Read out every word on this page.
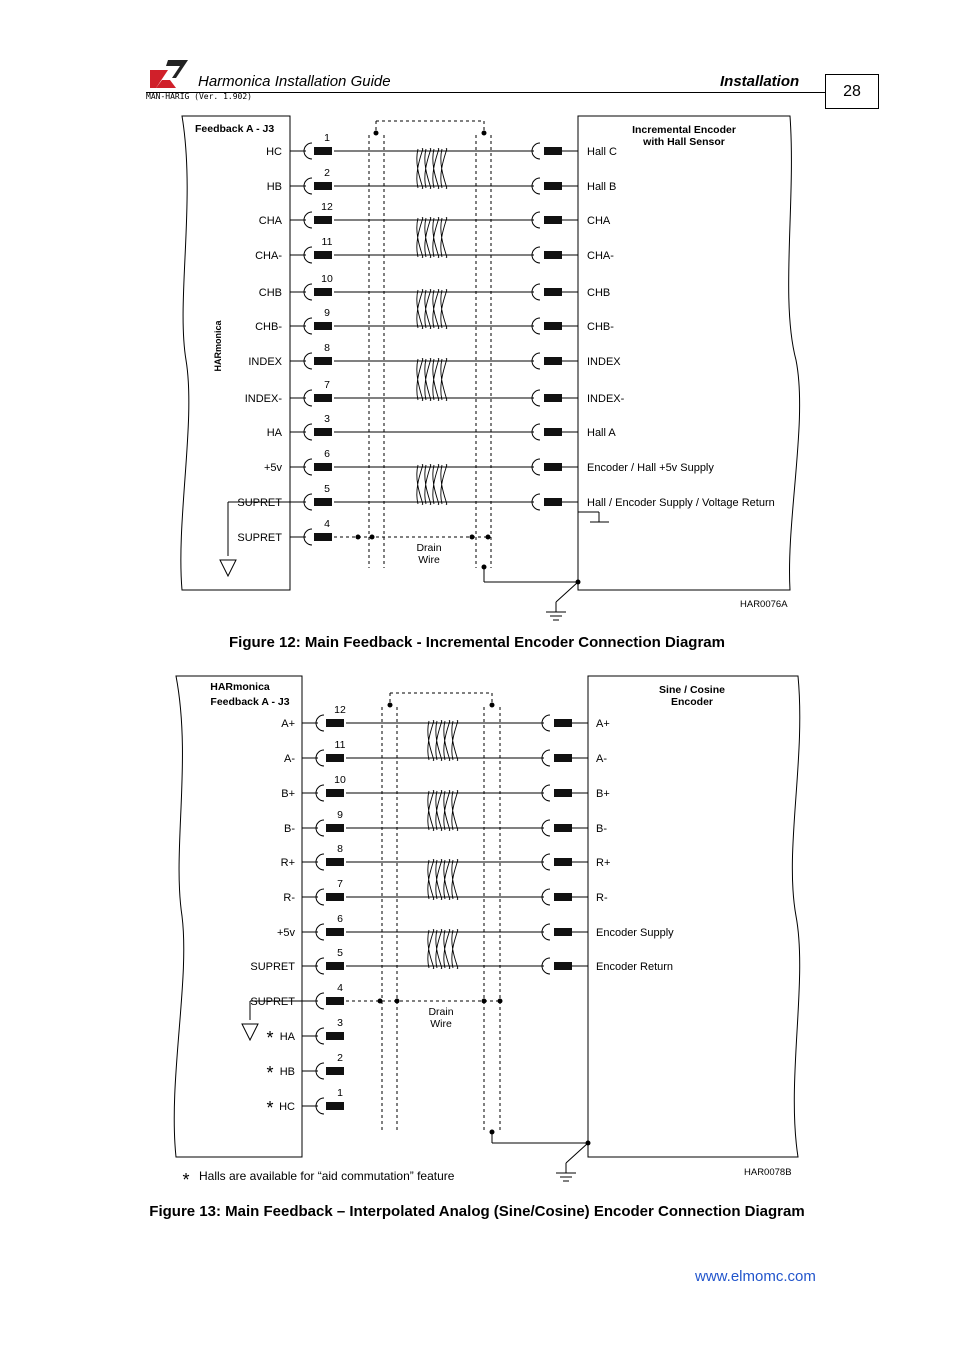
Harmonica Installation Guide	Installation
MAN-HARIG (Ver. 1.902)	28
Feedback A - J3
HARmonica
Incremental Encoder
with Hall Sensor
HC
1
Hall C
HB
2
Hall B
CHA
12
CHA
CHA-
11
CHA-
CHB
10
CHB
CHB-
9
CHB-
INDEX
8
INDEX
INDEX-
7
INDEX-
HA
3
Hall A
+5v
6
Encoder / Hall +5v Supply
SUPRET
5
Hall / Encoder Supply / Voltage Return
SUPRET
4
Drain
Wire
HAR0076A
Figure 12: Main Feedback - Incremental Encoder Connection Diagram
HARmonica
Feedback A - J3
Sine / Cosine
Encoder
A+
12
A+
A-
11
A-
B+
10
B+
B-
9
B-
R+
8
R+
R-
7
R-
+5v
6
Encoder Supply
SUPRET
5
Encoder Return
SUPRET
4
HA
3
*
HB
2
*
HC
1
*
Drain
Wire
* Halls are available for “aid commutation” feature	HAR0078B
Figure 13: Main Feedback – Interpolated Analog (Sine/Cosine) Encoder Connection Diagram
www.elmomc.com
